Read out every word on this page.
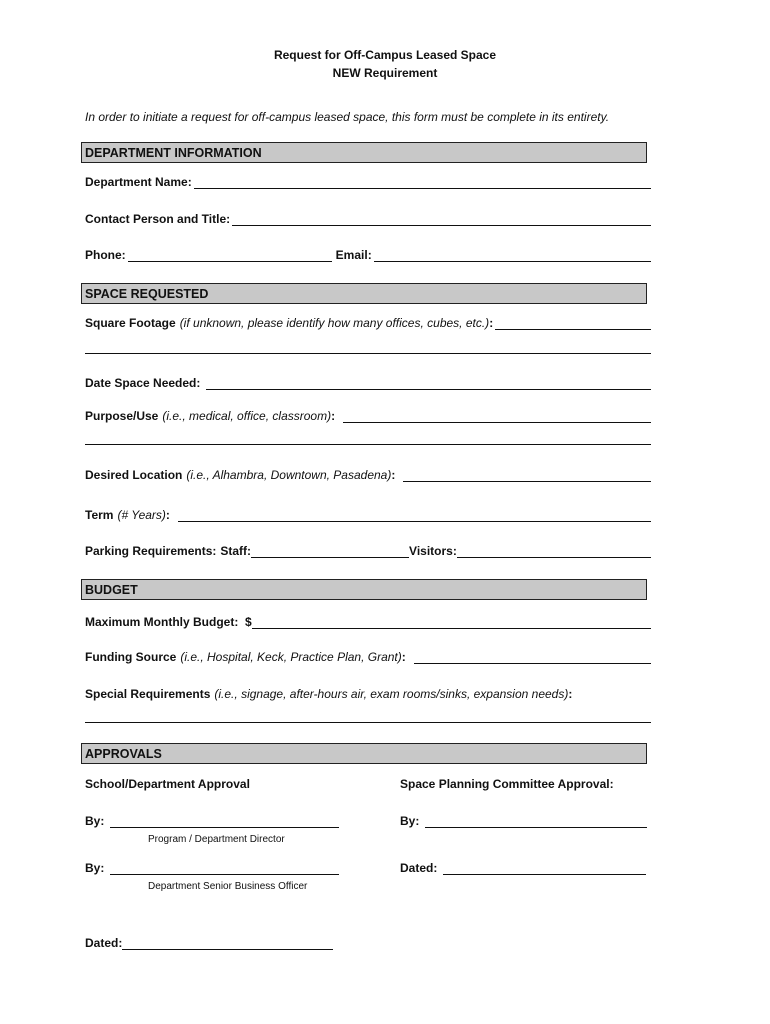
Request for Off-Campus Leased Space
NEW Requirement
In order to initiate a request for off-campus leased space, this form must be complete in its entirety.
DEPARTMENT INFORMATION
Department Name:
Contact Person and Title:
Phone:	Email:
SPACE REQUESTED
Square Footage (if unknown, please identify how many offices, cubes, etc.) :
Date Space Needed:
Purpose/Use (i.e., medical, office, classroom) :
Desired Location (i.e., Alhambra, Downtown, Pasadena) :
Term (# Years) :
Parking Requirements: Staff:	Visitors:
BUDGET
Maximum Monthly Budget:  $
Funding Source (i.e., Hospital, Keck, Practice Plan, Grant) :
Special Requirements (i.e., signage, after-hours air, exam rooms/sinks, expansion needs) :
APPROVALS
School/Department Approval	Space Planning Committee Approval:
By:	By:
Program / Department Director
By:	Dated:
Department Senior Business Officer
Dated:
